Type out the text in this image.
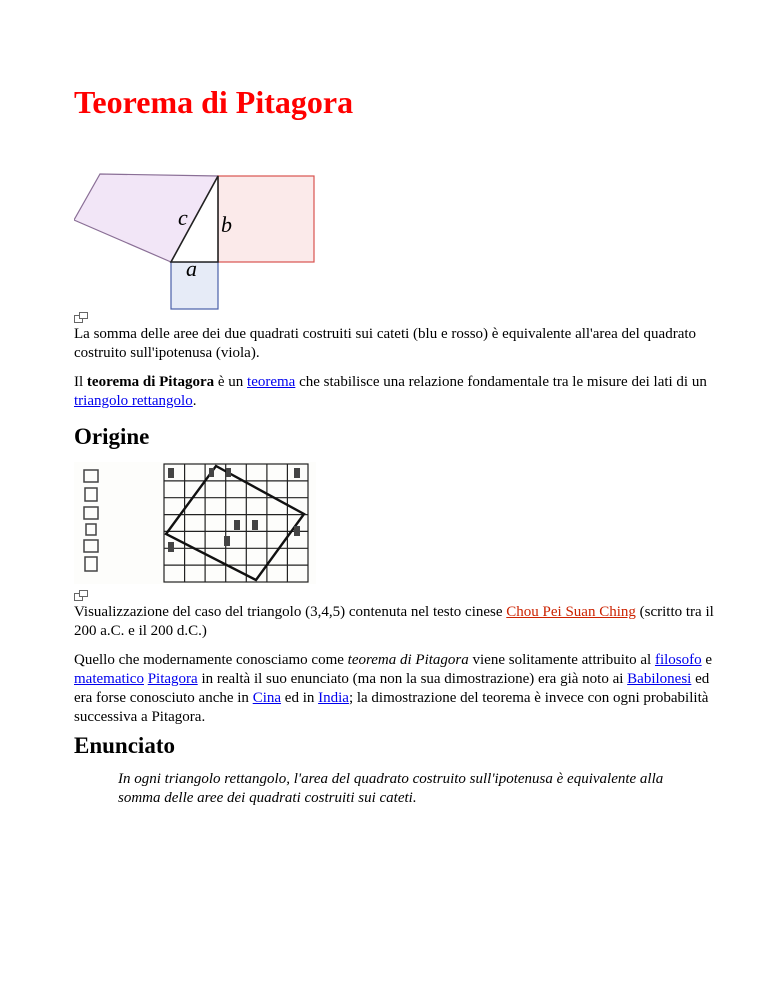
Teorema di Pitagora
c b
a

La somma delle aree dei due quadrati costruiti sui cateti (blu e rosso) è equivalente all'area del quadrato costruito sull'ipotenusa (viola).

Il teorema di Pitagora è un teorema che stabilisce una relazione fondamentale tra le misure dei lati di un triangolo rettangolo.

Origine

Visualizzazione del caso del triangolo (3,4,5) contenuta nel testo cinese Chou Pei Suan Ching (scritto tra il 200 a.C. e il 200 d.C.)

Quello che modernamente conosciamo come teorema di Pitagora viene solitamente attribuito al filosofo e matematico Pitagora in realtà il suo enunciato (ma non la sua dimostrazione) era già noto ai Babilonesi ed era forse conosciuto anche in Cina ed in India; la dimostrazione del teorema è invece con ogni probabilità successiva a Pitagora.

Enunciato
In ogni triangolo rettangolo, l'area del quadrato costruito sull'ipotenusa è equivalente alla somma delle aree dei quadrati costruiti sui cateti.
